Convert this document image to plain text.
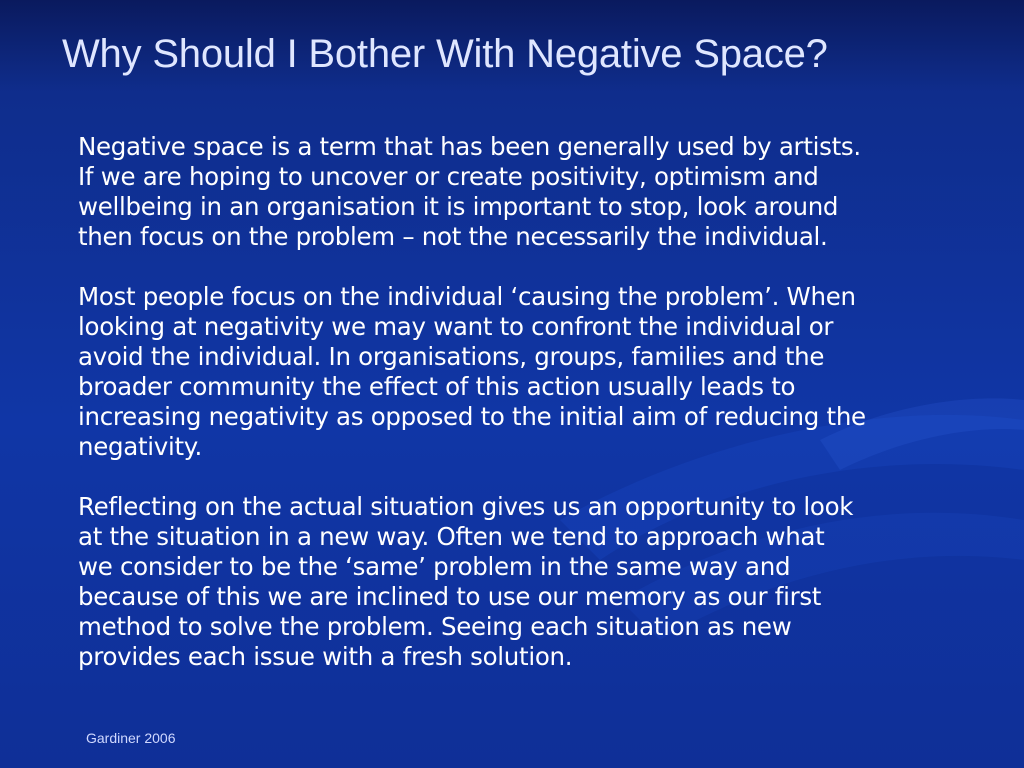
Why Should I Bother With Negative Space?

Negative space is a term that has been generally used by artists.
If we are hoping to uncover or create positivity, optimism and
wellbeing in an organisation it is important to stop, look around
then focus on the problem – not the necessarily the individual.

Most people focus on the individual ‘causing the problem’. When
looking at negativity we may want to confront the individual or
avoid the individual. In organisations, groups, families and the
broader community the effect of this action usually leads to
increasing negativity as opposed to the initial aim of reducing the
negativity.

Reflecting on the actual situation gives us an opportunity to look
at the situation in a new way. Often we tend to approach what
we consider to be the ‘same’ problem in the same way and
because of this we are inclined to use our memory as our first
method to solve the problem. Seeing each situation as new
provides each issue with a fresh solution.

Gardiner 2006
